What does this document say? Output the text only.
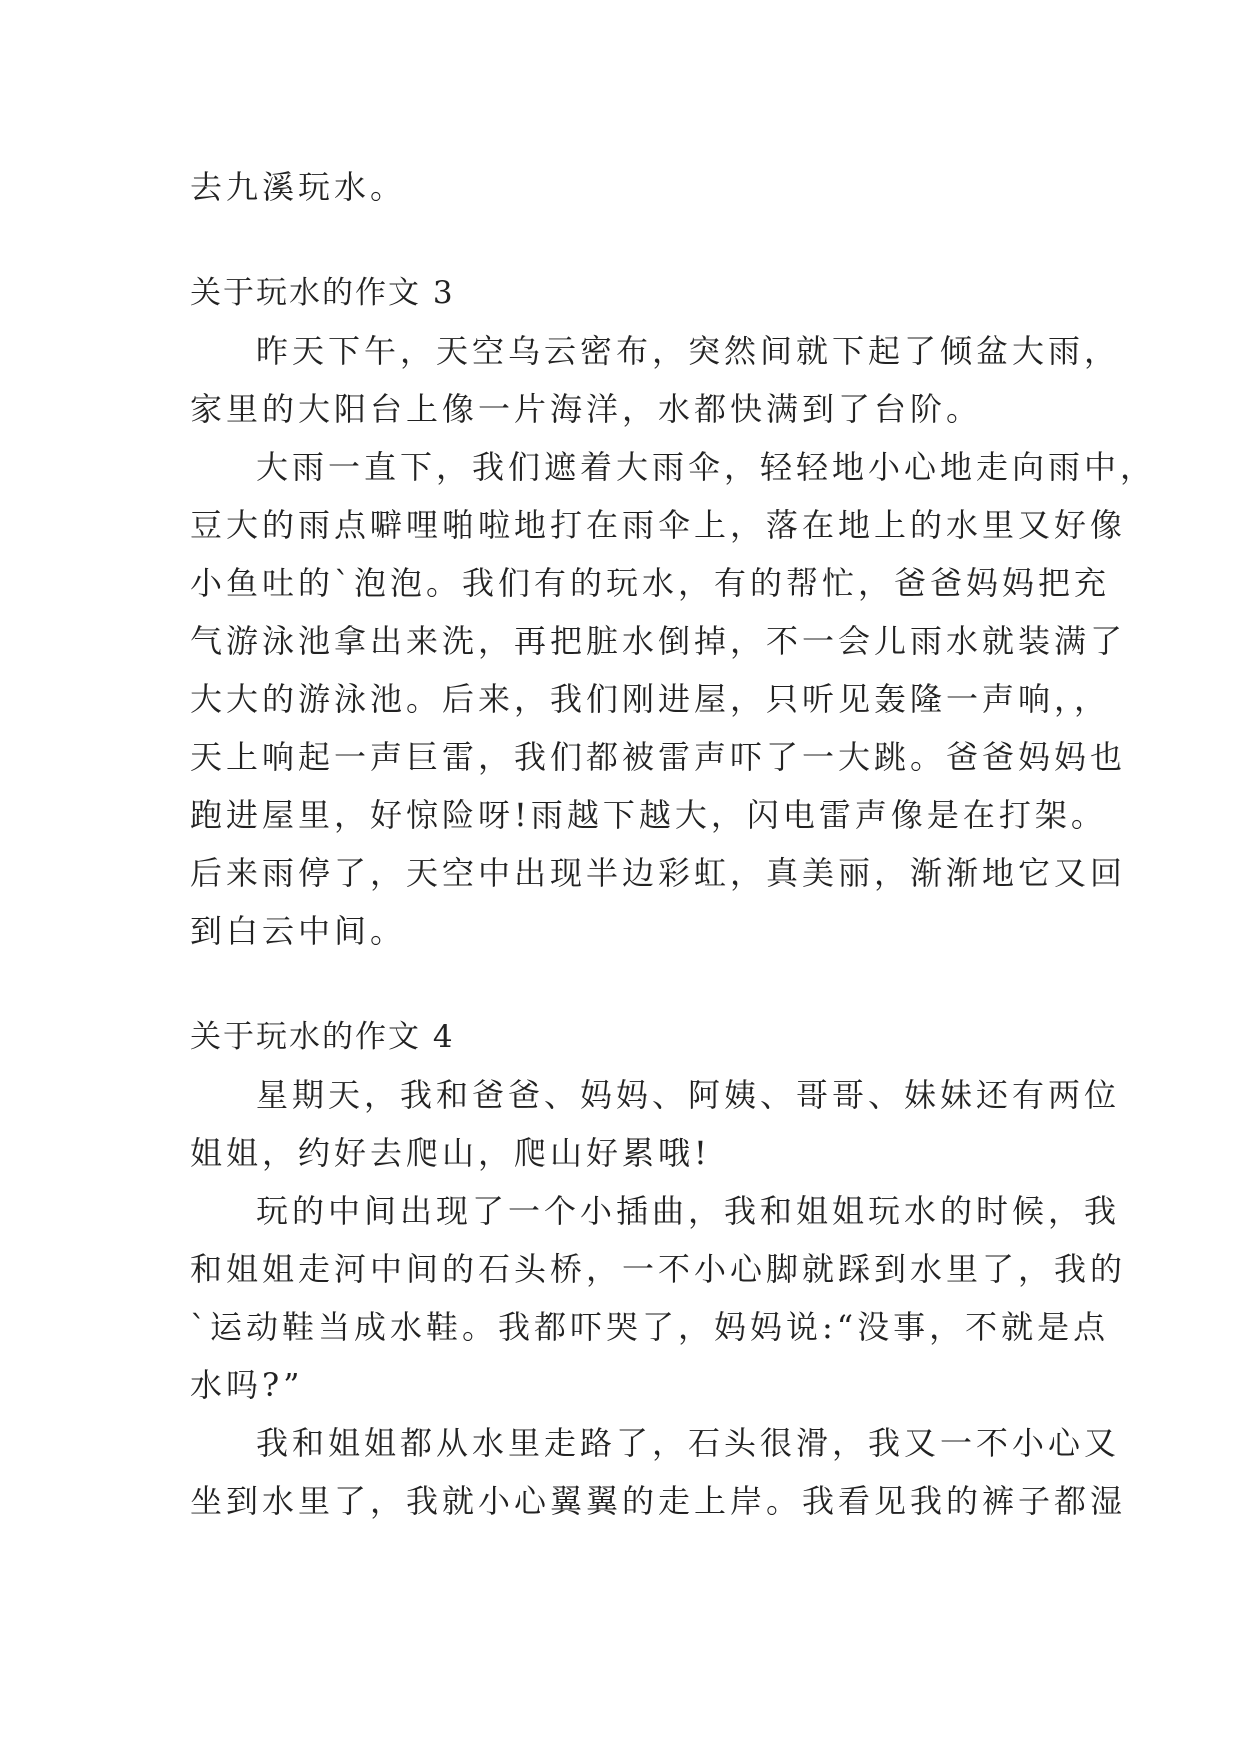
去九溪玩水。
关于玩水的作文 3
昨天下午，天空乌云密布，突然间就下起了倾盆大雨，
家里的大阳台上像一片海洋，水都快满到了台阶。
大雨一直下，我们遮着大雨伞，轻轻地小心地走向雨中，
豆大的雨点噼哩啪啦地打在雨伞上，落在地上的水里又好像
小鱼吐的`泡泡。我们有的玩水，有的帮忙，爸爸妈妈把充
气游泳池拿出来洗，再把脏水倒掉，不一会儿雨水就装满了
大大的游泳池。后来，我们刚进屋，只听见轰隆一声响，，
天上响起一声巨雷，我们都被雷声吓了一大跳。爸爸妈妈也
跑进屋里，好惊险呀!雨越下越大，闪电雷声像是在打架。
后来雨停了，天空中出现半边彩虹，真美丽，渐渐地它又回
到白云中间。
关于玩水的作文 4
星期天，我和爸爸、妈妈、阿姨、哥哥、妹妹还有两位
姐姐，约好去爬山，爬山好累哦!
玩的中间出现了一个小插曲，我和姐姐玩水的时候，我
和姐姐走河中间的石头桥，一不小心脚就踩到水里了，我的
`运动鞋当成水鞋。我都吓哭了，妈妈说:“没事，不就是点
水吗?”
我和姐姐都从水里走路了，石头很滑，我又一不小心又
坐到水里了，我就小心翼翼的走上岸。我看见我的裤子都湿
